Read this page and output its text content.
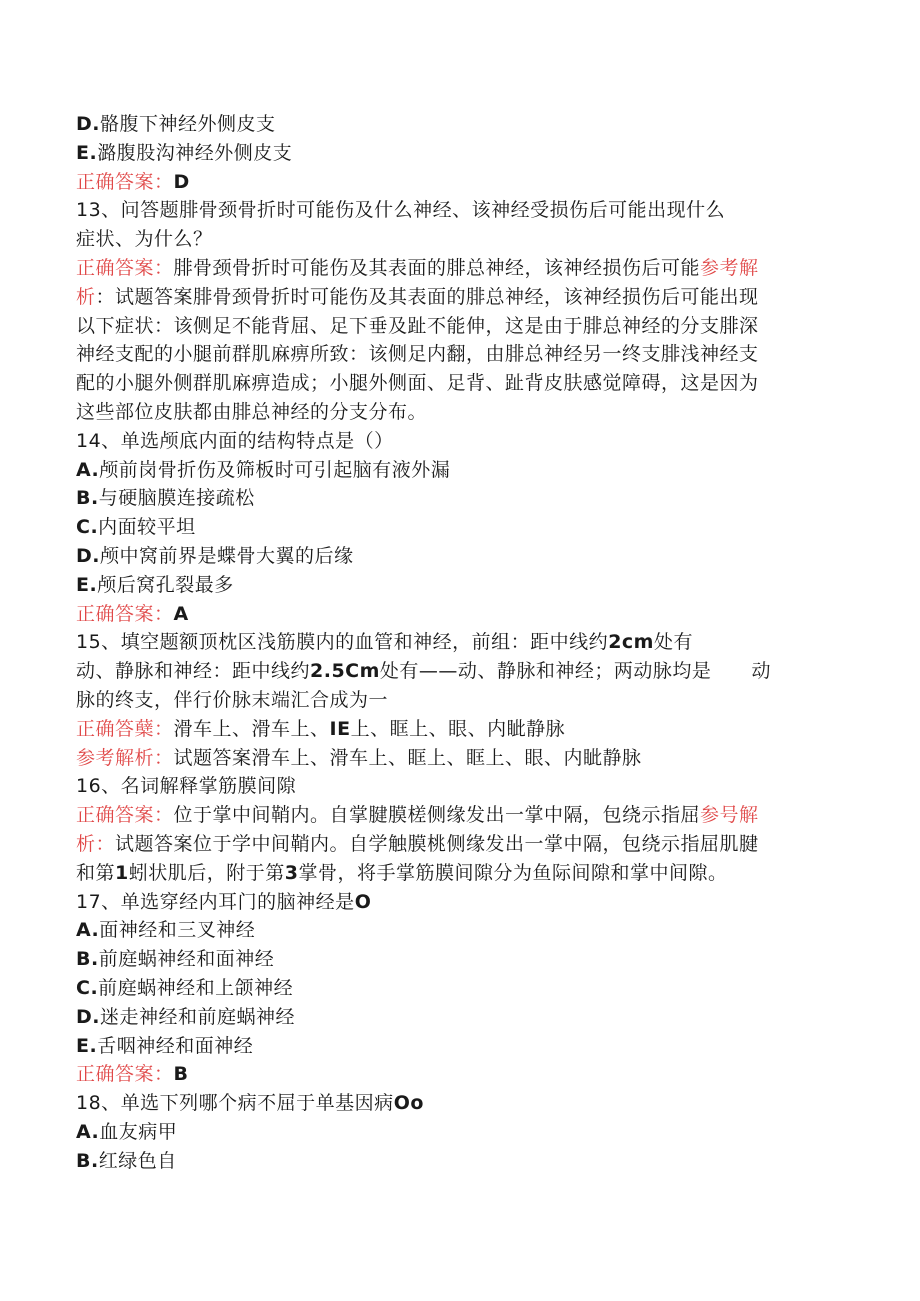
D.骼腹下神经外侧皮支
E.潞腹股沟神经外侧皮支
正确答案：D
13、问答题腓骨颈骨折时可能伤及什么神经、该神经受损伤后可能出现什么
症状、为什么？
正确答案：腓骨颈骨折时可能伤及其表面的腓总神经，该神经损伤后可能参考解
析：试题答案腓骨颈骨折时可能伤及其表面的腓总神经，该神经损伤后可能出现
以下症状：该侧足不能背屈、足下垂及趾不能伸，这是由于腓总神经的分支腓深
神经支配的小腿前群肌麻痹所致：该侧足内翻，由腓总神经另一终支腓浅神经支
配的小腿外侧群肌麻痹造成；小腿外侧面、足背、趾背皮肤感觉障碍，这是因为
这些部位皮肤都由腓总神经的分支分布。
14、单选颅底内面的结构特点是（）
A.颅前岗骨折伤及筛板时可引起脑有液外漏
B.与硬脑膜连接疏松
C.内面较平坦
D.颅中窝前界是蝶骨大翼的后缘
E.颅后窝孔裂最多
正确答案：A
15、填空题额顶枕区浅筋膜内的血管和神经，前组：距中线约2cm处有
动、静脉和神经：距中线约2.5Cm处有——动、静脉和神经；两动脉均是 动
脉的终支，伴行价脉末端汇合成为一
正确答蘖：滑车上、滑车上、IE上、眶上、眼、内眦静脉
参考解析：试题答案滑车上、滑车上、眶上、眶上、眼、内眦静脉
16、名词解释掌筋膜间隙
正确答案：位于掌中间鞘内。自掌腱膜槎侧缘发出一掌中隔，包绕示指屈参号解
析：试题答案位于学中间鞘内。自学触膜桃侧缘发出一掌中隔，包绕示指屈肌腱
和第1蚓状肌后，附于第3掌骨，将手掌筋膜间隙分为鱼际间隙和掌中间隙。
17、单选穿经内耳门的脑神经是O
A.面神经和三叉神经
B.前庭蜗神经和面神经
C.前庭蜗神经和上颌神经
D.迷走神经和前庭蜗神经
E.舌咽神经和面神经
正确答案：B
18、单选下列哪个病不屈于单基因病Oo
A.血友病甲
B.红绿色自
